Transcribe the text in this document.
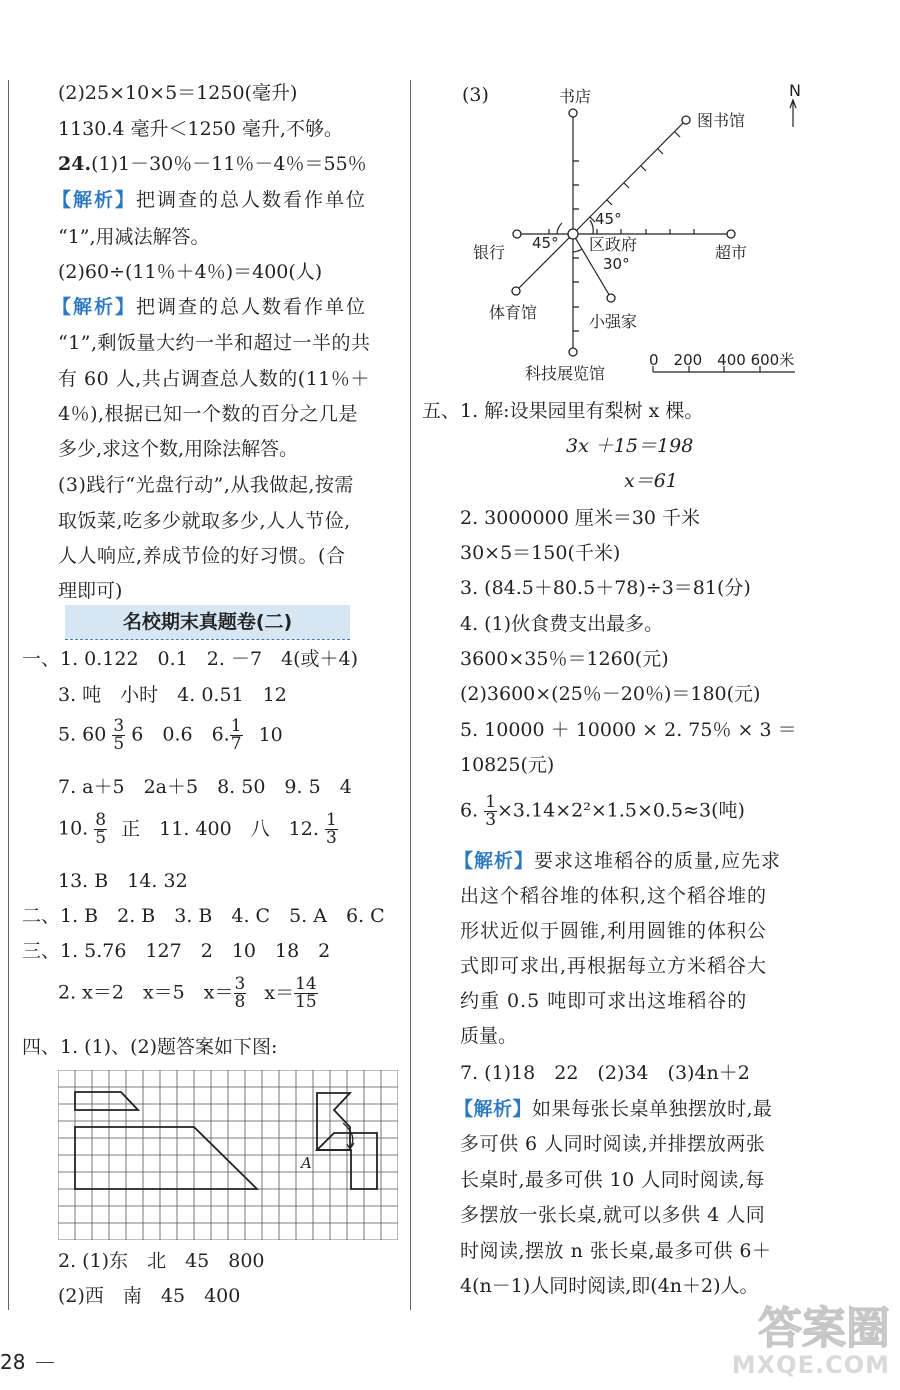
(2)25×10×5＝1250(毫升)
1130.4 毫升＜1250 毫升,不够。
24.(1)1－30％－11％－4％＝55％
【解析】把调查的总人数看作单位
“1”,用减法解答。
(2)60÷(11％＋4％)＝400(人)
【解析】把调查的总人数看作单位
“1”,剩饭量大约一半和超过一半的共
有 60 人,共占调查总人数的(11％＋
4％),根据已知一个数的百分之几是
多少,求这个数,用除法解答。
(3)践行“光盘行动”,从我做起,按需
取饭菜,吃多少就取多少,人人节俭,
人人响应,养成节俭的好习惯。(合
理即可)
名校期末真题卷(二)
一、1. 0.122　0.1　2. －7　4(或＋4)
3. 吨　小时　4. 0.51　12
5. $60 \frac{3}{5} 6$　0.6　6. $\frac{1}{7} 10$
7. a＋5　2a＋5　8. 50　9. 5　4
10. $\frac{8}{5}$ 正　11. 400　八　12. $\frac{1}{3}$
13. B　14. 32
二、1. B　2. B　3. B　4. C　5. A　6. C
三、1. 5.76　127　2　10　18　2
2. x＝2　x＝5　$x= \frac{3}{8} x= \frac{14}{15}$
四、1. (1)、(2)题答案如下图:
A
2. (1)东　北　45　800
(2)西　南　45　400
(3)	N
书店
图书馆
银行	区政府	超市
体育馆	小强家
科技展览馆
45°
45°
30°
0　200　400 600米
五、1. 解:设果园里有梨树 x 棵。
3x ＋15＝198
x＝61
2. 3000000 厘米＝30 千米
30×5＝150(千米)
3. (84.5＋80.5＋78)÷3＝81(分)
4. (1)伙食费支出最多。
3600×35％＝1260(元)
(2)3600×(25％－20％)＝180(元)
5. 10000 ＋ 10000 × 2. 75％ × 3 ＝
10825(元)
6. $\frac{1}{3} \times 3.14\times 2^2\times 1.5\times 0.5\approx 3$(吨)
【解析】要求这堆稻谷的质量,应先求
出这个稻谷堆的体积,这个稻谷堆的
形状近似于圆锥,利用圆锥的体积公
式即可求出,再根据每立方米稻谷大
约重 0.5 吨即可求出这堆稻谷的
质量。
7. (1)18　22　(2)34　(3)4n＋2
【解析】如果每张长桌单独摆放时,最
多可供 6 人同时阅读,并排摆放两张
长桌时,最多可供 10 人同时阅读,每
多摆放一张长桌,就可以多供 4 人同
时阅读,摆放 n 张长桌,最多可供 6＋
4(n－1)人同时阅读,即(4n＋2)人。
28
答案圈
MXQE.COM
